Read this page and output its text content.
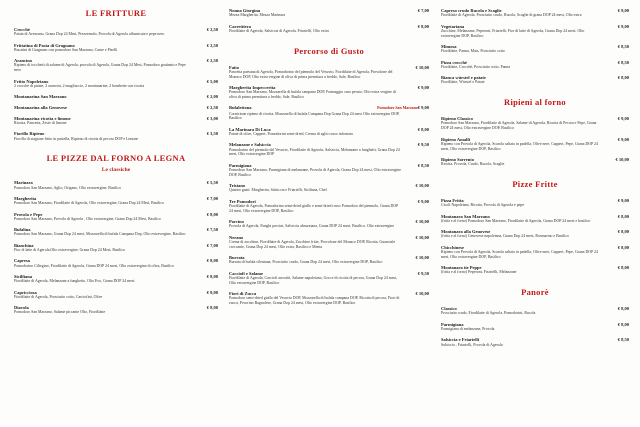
LE FRITTURE
Crocchè	€ 2,50
Patata di Avezzano, Grana Dop 24 Mesi, Prezzemolo, Provola di Agerola affumicata e pepe nero
Frittatina di Pasta di Gragnano	€ 2,50
Bucatini di Gragnano con pomodoro San Marzano, Carne e Piselli
Arancino	€ 2,50
Ripieno di tocchetti di salame di Agerola, provola di Agerola, Grana Dop 24 Mesi, Pomodoro gratinato e Pepe nero
Fritto Napoletano	€ 5,00
2 crocchè di patate, 2 arancini, 2 mugliuccio, 2 montanarine, 2 bombette con ricotta
Montanarina San Marzano	€ 2,00
Montanarina alla Genovese	€ 2,50
Montanarina ricotta e limone	€ 3,00
Ricotta, Pancetta, Zeste di limone
Fiorillo Ripieno	€ 3,50
Fiorillo di stagione fritto in pastella, Ripieno di ricotta di pecora DOP e Limone
LE PIZZE DAL FORNO A LEGNA
Le classiche
Marinara	€ 5,50
Pomodoro San Marzano, Aglio, Origano, Olio extravergine, Basilico
Margherita	€ 7,00
Pomodoro San Marzano, Fiordilatte di Agerola, Olio extravergine, Grana Dop 24 Mesi, Basilico
Provola e Pepe	€ 8,00
Pomodoro San Marzano, Provola di Agerola , Olio extravergine, Grana Dop 24 Mesi, Basilico
Bufalina	€ 7,50
Pomodoro San Marzano, Grana Dop 24 mesi, Mozzarella di bufala Campana Dop, Olio extravergine, Basilico
Bianchina	€ 7,00
Fior di latte di Agerola,Olio extravergine, Grana Dop 24 Mesi, Basilico
Capresa	€ 8,00
Pomodorino Ciliegino, Fiordilatte di Agerola, Grana DOP 24 mesi, Olio extravergine di oliva, Basilico
Sicilfiana	€ 8,00
Fiordilatte di Agerola, Melanzane a funghetto, Olio Evo, Grana DOP 24 mesi
Capricciosa	€ 9,00
Fiordilatte di Agerola, Prosciutto cotto, Carciofini, Olive
Diavola	€ 8,00
Pomodoro San Marzano, Salame piccante Olio, Fiordilatte
Nonna Giorgina	€ 7,00
Mezza Margherita, Mezza Marinara
Carrettiera	€ 8,00
Fiordilatte di Agerola, Salsiccia di Agerola, Friarielli, Olio extra
Percorso di Gusto
Faito	€ 10,00
Pancetta paesana di Agerola, Pomodorino del piennolo del Vesuvio, Fiordilatte di Agerola, Provolone del Monaco DOP, Olio extra vergine di oliva di prima premitura a freddo, Sale, Basilico
Margherita Impeccerita	€ 9,00
Pomodoro San Marzano, Mozzarella di bufala campana DOP, Formaggio caso perato, Olio extra vergine di oliva di prima premitura a freddo, Sale, Basilico
Bufalettona	Pomodoro San Marzano € 9,00
Cornicione ripieno di ricotta, Mozzarella di bufala Campana Dop Grana Dop 24 mesi Olio extravergine DOP, Basilico
La Marinara Di Luca	€ 8,00
Patate di olive, Capperi, Pomodorini semi-dried, Crema di aglio rosso infornata
Melanzane e Salsiccia	€ 9,50
Pomodorino del piennolo del Vesuvio, Fiordilatte di Agerola, Salsiccia, Melanzane a funghetti, Grana Dop 24 mesi, Olio extravergine DOP
Parmigiana	€ 8,50
Pomodoro San Marzano, Parmigiana di melanzane, Provola di Agerola, Grana Dop 24 mesi, Olio extravergine DOP, Basilico
Tristano	€ 10,00
Quattro gusti: Margherita, Salsiccia e Friarielli, Siciliana, Chef
Tre Pomodori	€ 9,00
Fiordilatte di Agerola, Pomodorino semi-dried giallo e semi-dried rosso Pomodoro del piennolo, Grana DOP 24 mesi, Olio extravergine DOP, Basilico
Porcino	€ 10,00
Provola di Agerola, Funghi porcini, Salsiccia abruzziana, Grana DOP 24 mesi, Basilico, Olio extravergine
Nerano	€ 10,00
Crema di zucchine, Fiordilatte di Agerola, Zucchine fritte, Provolone del Monaco DOP, Ricotta, Guanciale croccante, Grana Dop 24 mesi, Olio extra, Basilico e Menta
Burrata	€ 10,00
Burrata di bufala cilentana, Prosciutto crudo, Grana Dop 24 mesi, Olio extravergine DOP, Basilico
Cacciofi e Salame	€ 9,50
Fiordilatte di Agerola, Carciofi arrostiti, Salame napoletano, Gocce di ricotta di pecora, Grana Dop 24 mesi, Olio extravergine DOP, Basilico
Fiori di Zucca	€ 10,00
Pomodoro semi-dried giallo del Vesuvio DOP, Mozzarella di bufala campana DOP, Ricotta di pecora, Fiori di zucca, Pecorino Bagnolese, Grana Dop 24 mesi, Olio extravergine DOP, Basilico
Capreso crudo Rucola e Scaglie	€ 9,00
Fiordilatte di Agerola, Prosciutto crudo, Rucola, Scaglie di grana DOP 24 mesi, Olio extra
Vegetariana	€ 9,00
Zucchine, Melanzane, Peperoni, Friarielli, Fior di latte di Agerola, Grana Dop 24 mesi, Olio extravergine DOP, Basilico
Mimosa	€ 8,50
Fiordilatte, Panna, Mais, Prosciutto cotto
Pizza crocchè	€ 8,50
Fiordilatte, Crocchè, Prosciutto cotto, Panna
Bianca würstel e patate	€ 8,00
Fiordilatte, Würstel e Patate
Ripieni al forno
Ripieno Classico	€ 9,00
Pomodoro San Marzano, Fiordilatte di Agerola, Salame di Agerola, Ricotta di Pecora e Pepe, Grana DOP 24 mesi, Olio extravergine DOP, Basilico
Ripieno Amalfi	€ 9,00
Ripieno con Provola di Agerola, Scarola saltata in padella, Olive nere, Capperi, Pepe, Grana DOP 24 mesi, Olio extravergine DOP, Basilico
Ripieno Sorrento	€ 10,00
Ricotta, Provola, Crudo, Rucola, Scaglie
Pizze Fritte
Pizza Fritta	€ 9,00
Cicoli Napoletani, Ricotta, Provola di Agerola e pepe
Montanara San Marzano	€ 8,00
(fritta e al forno) Pomodoro San Marzano, Fiordilatte di Agerola, Grana DOP 24 mesi e basilico
Montanara alla Genovese	€ 8,00
(fritta e al forno) Genovese napoletana, Grana Dop 24 mesi, Rosmarino e Basilico
Chicchinese	€ 8,00
Ripieno con Provola di Agerola, Scarola saltata in padella, Olive nere, Capperi, Pepe, Grana DOP 24 mesi, Olio extravergine DOP, Basilico
Montanara tie Peppe	€ 8,00
(fritta e al forno) Peperoni, Friarielli, Melanzane
Panorè
Classico	€ 8,00
Prosciutto crudo, Fiordilatte di Agerola, Pomodorini, Rucola
Parmigiana	€ 8,00
Parmigiana di melanzane, Provola
Salsiccia e Friarielli	€ 8,50
Salsiccia , Friarielli, Provola di Agerola
